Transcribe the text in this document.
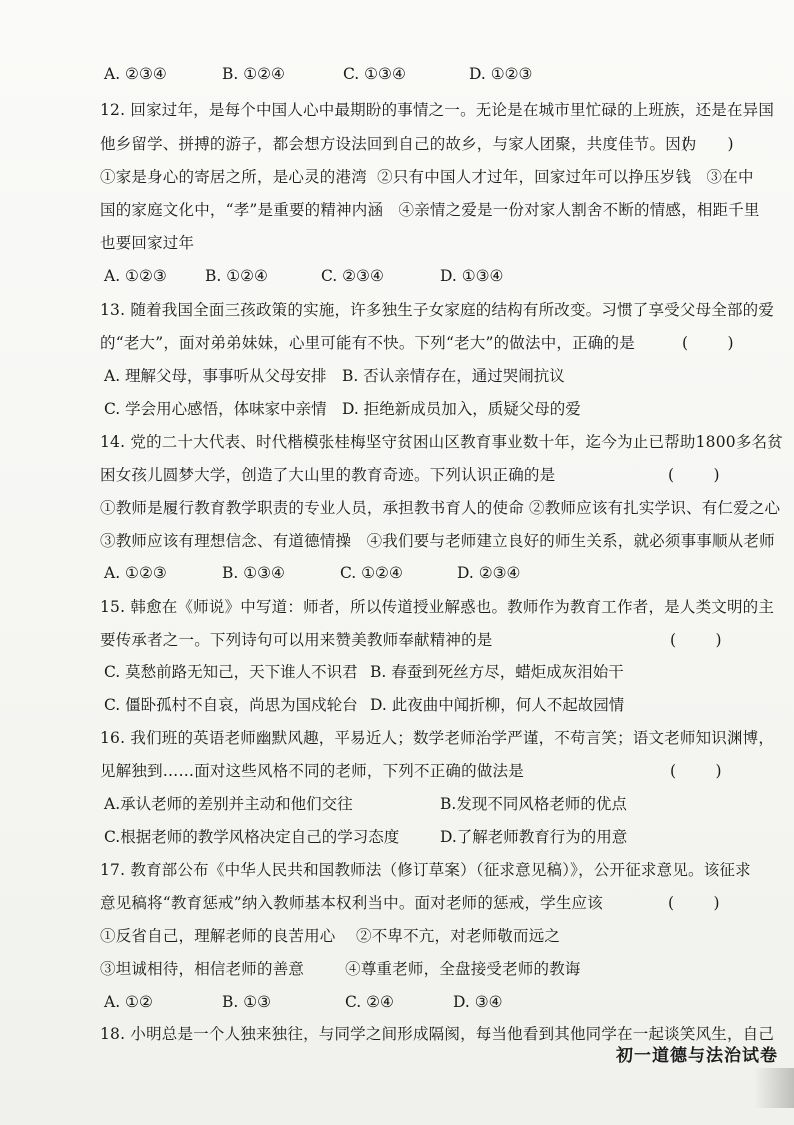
A. ②③④	B. ①②④	C. ①③④	D. ①②③
12. 回家过年，是每个中国人心中最期盼的事情之一。无论是在城市里忙碌的上班族，还是在异国
他乡留学、拼搏的游子，都会想方设法回到自己的故乡，与家人团聚，共度佳节。因为
(        )
①家是身心的寄居之所，是心灵的港湾  ②只有中国人才过年，回家过年可以挣压岁钱   ③在中
国的家庭文化中，“孝”是重要的精神内涵   ④亲情之爱是一份对家人割舍不断的情感，相距千里
也要回家过年
A. ①②③ B. ①②④	C. ②③④	D. ①③④
13. 随着我国全面三孩政策的实施，许多独生子女家庭的结构有所改变。习惯了享受父母全部的爱
的“老大”，面对弟弟妹妹，心里可能有不快。下列“老大”的做法中，正确的是	(        )
A. 理解父母，事事听从父母安排 B. 否认亲情存在，通过哭闹抗议
C. 学会用心感悟，体味家中亲情 D. 拒绝新成员加入，质疑父母的爱
14. 党的二十大代表、时代楷模张桂梅坚守贫困山区教育事业数十年，迄今为止已帮助1800多名贫
困女孩儿圆梦大学，创造了大山里的教育奇迹。下列认识正确的是	(        )
①教师是履行教育教学职责的专业人员，承担教书育人的使命 ②教师应该有扎实学识、有仁爱之心
③教师应该有理想信念、有道德情操   ④我们要与老师建立良好的师生关系，就必须事事顺从老师
A. ①②③	B. ①③④	C. ①②④	D. ②③④
15. 韩愈在《师说》中写道：师者，所以传道授业解惑也。教师作为教育工作者，是人类文明的主
要传承者之一。下列诗句可以用来赞美教师奉献精神的是	(        )
C. 莫愁前路无知己，天下谁人不识君 B. 春蚕到死丝方尽，蜡炬成灰泪始干
C. 僵卧孤村不自哀，尚思为国戍轮台 D. 此夜曲中闻折柳，何人不起故园情
16. 我们班的英语老师幽默风趣，平易近人；数学老师治学严谨，不苟言笑；语文老师知识渊博，
见解独到……面对这些风格不同的老师，下列不正确的做法是	(        )
A.承认老师的差别并主动和他们交往	B.发现不同风格老师的优点
C.根据老师的教学风格决定自己的学习态度	D.了解老师教育行为的用意
17. 教育部公布《中华人民共和国教师法（修订草案）（征求意见稿）》，公开征求意见。该征求
意见稿将“教育惩戒”纳入教师基本权利当中。面对老师的惩戒，学生应该	(        )
①反省自己，理解老师的良苦用心    ②不卑不亢，对老师敬而远之
③坦诚相待，相信老师的善意        ④尊重老师，全盘接受老师的教诲
A. ①②	B. ①③	C. ②④	D. ③④
18. 小明总是一个人独来独往，与同学之间形成隔阂，每当他看到其他同学在一起谈笑风生，自己
初一道德与法治试卷
